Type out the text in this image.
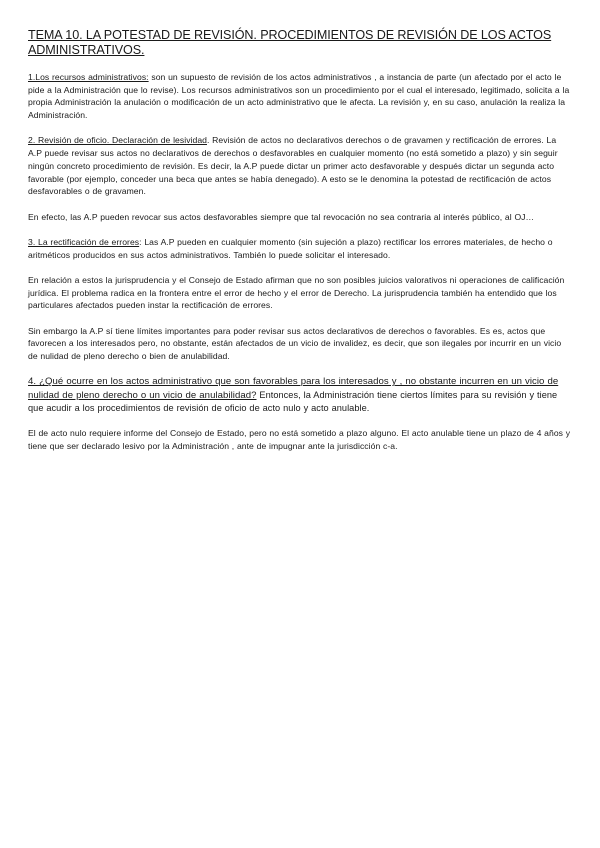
TEMA 10. LA POTESTAD DE REVISIÓN. PROCEDIMIENTOS DE REVISIÓN DE LOS ACTOS ADMINISTRATIVOS.

1.Los recursos administrativos: son un supuesto de revisión de los actos administrativos , a instancia de parte (un afectado por el acto le pide a la Administración que lo revise). Los recursos administrativos son un procedimiento por el cual el interesado, legitimado, solicita a la propia Administración la anulación o modificación de un acto administrativo que le afecta. La revisión y, en su caso, anulación la realiza la Administración.

2. Revisión de oficio. Declaración de lesividad. Revisión de actos no declarativos derechos o de gravamen y rectificación de errores. La A.P puede revisar sus actos no declarativos de derechos o desfavorables en cualquier momento (no está sometido a plazo) y sin seguir ningún concreto procedimiento de revisión. Es decir, la A.P puede dictar un primer acto desfavorable y después dictar un segunda acto favorable (por ejemplo, conceder una beca que antes se había denegado). A esto se le denomina la potestad de rectificación de actos desfavorables o de gravamen.

En efecto, las A.P pueden revocar sus actos desfavorables siempre que tal revocación no sea contraria al interés público, al OJ…

3. La rectificación de errores: Las A.P pueden en cualquier momento (sin sujeción a plazo) rectificar los errores materiales, de hecho o aritméticos producidos en sus actos administrativos. También lo puede solicitar el interesado.

En relación a estos la jurisprudencia y el Consejo de Estado afirman que no son posibles juicios valorativos ni operaciones de calificación jurídica. El problema radica en la frontera entre el error de hecho y el error de Derecho. La jurisprudencia también ha entendido que los particulares afectados pueden instar la rectificación de errores.

Sin embargo la A.P sí tiene límites importantes para poder revisar sus actos declarativos de derechos o favorables. Es es, actos que favorecen a los interesados pero, no obstante, están afectados de un vicio de invalidez, es decir, que son ilegales por incurrir en un vicio de nulidad de pleno derecho o bien de anulabilidad.

4. ¿Qué ocurre en los actos administrativo que son favorables para los interesados y , no obstante incurren en un vicio de nulidad de pleno derecho o un vicio de anulabilidad? Entonces, la Administración tiene ciertos límites para su revisión y tiene que acudir a los procedimientos de revisión de oficio de acto nulo y acto anulable.

El de acto nulo requiere informe del Consejo de Estado, pero no está sometido a plazo alguno. El acto anulable tiene un plazo de 4 años y tiene que ser declarado lesivo por la Administración , ante de impugnar ante la jurisdicción c-a.
